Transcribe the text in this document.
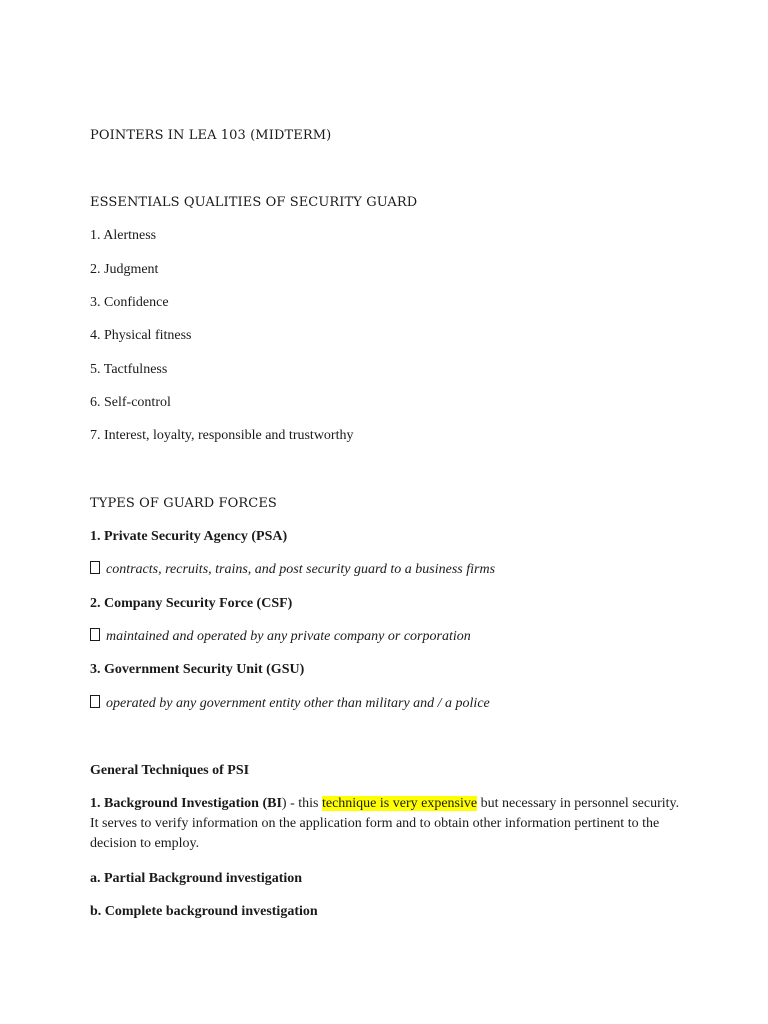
POINTERS IN LEA 103 (MIDTERM)
ESSENTIALS QUALITIES OF SECURITY GUARD
1. Alertness
2. Judgment
3. Confidence
4. Physical fitness
5. Tactfulness
6. Self-control
7. Interest, loyalty, responsible and trustworthy
TYPES OF GUARD FORCES
1. Private Security Agency (PSA)
contracts, recruits, trains, and post security guard to a business firms
2. Company Security Force (CSF)
maintained and operated by any private company or corporation
3. Government Security Unit (GSU)
operated by any government entity other than military and / a police
General Techniques of PSI
1. Background Investigation (BI) - this technique is very expensive but necessary in personnel security. It serves to verify information on the application form and to obtain other information pertinent to the decision to employ.
a. Partial Background investigation
b. Complete background investigation
